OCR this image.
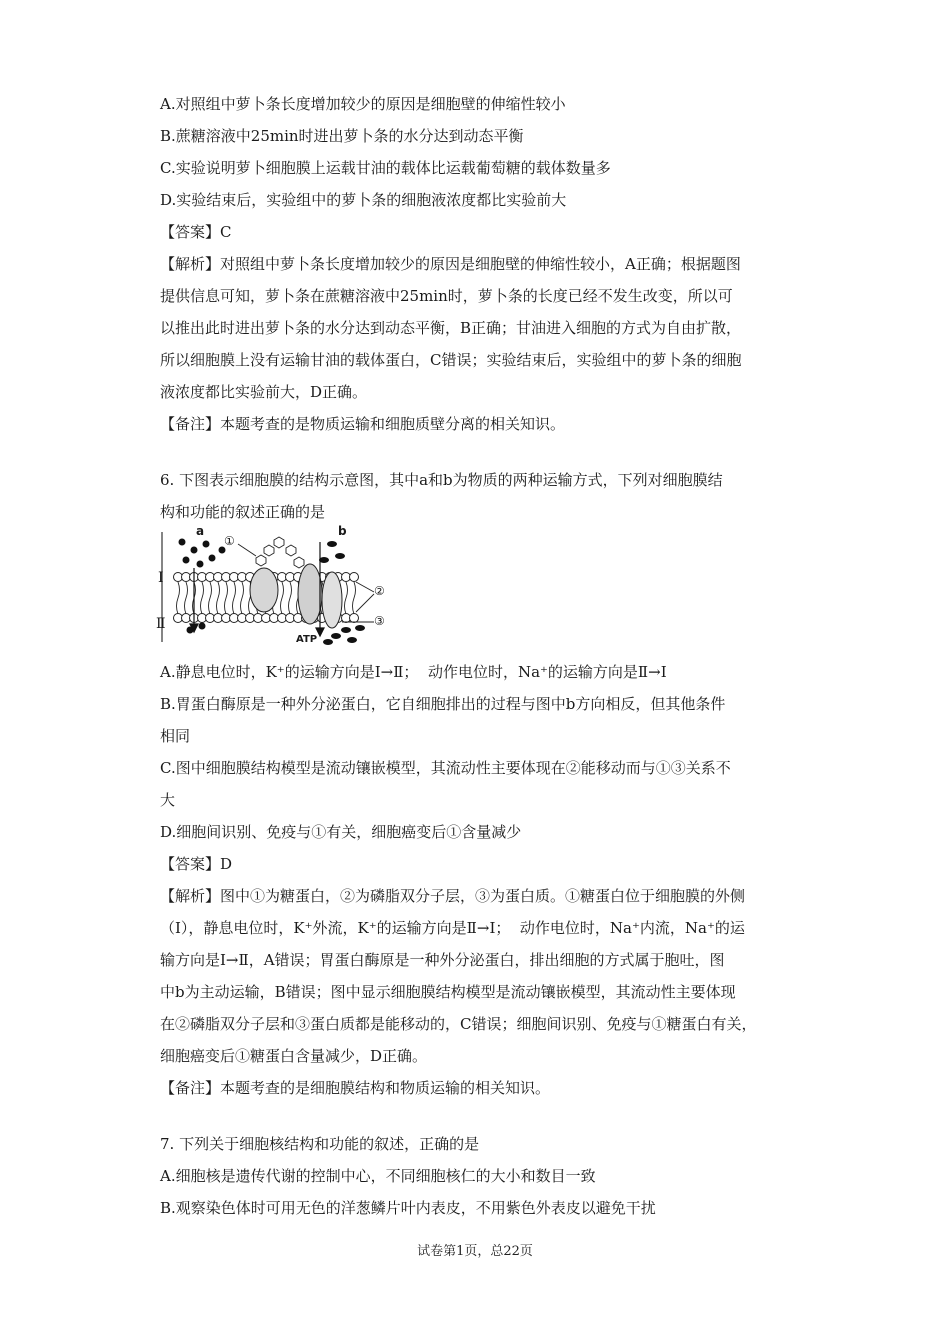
A.对照组中萝卜条长度增加较少的原因是细胞壁的伸缩性较小
B.蔗糖溶液中25min时进出萝卜条的水分达到动态平衡
C.实验说明萝卜细胞膜上运载甘油的载体比运载葡萄糖的载体数量多
D.实验结束后，实验组中的萝卜条的细胞液浓度都比实验前大
【答案】C
【解析】对照组中萝卜条长度增加较少的原因是细胞壁的伸缩性较小，A正确；根据题图
提供信息可知，萝卜条在蔗糖溶液中25min时，萝卜条的长度已经不发生改变，所以可
以推出此时进出萝卜条的水分达到动态平衡，B正确；甘油进入细胞的方式为自由扩散，
所以细胞膜上没有运输甘油的载体蛋白，C错误；实验结束后，实验组中的萝卜条的细胞
液浓度都比实验前大，D正确。
【备注】本题考查的是物质运输和细胞质壁分离的相关知识。
6. 下图表示细胞膜的结构示意图，其中a和b为物质的两种运输方式，下列对细胞膜结
构和功能的叙述正确的是
a	b
①
②
③
Ⅰ
Ⅱ
ATP
A.静息电位时，K⁺的运输方向是Ⅰ→Ⅱ；  动作电位时，Na⁺的运输方向是Ⅱ→Ⅰ
B.胃蛋白酶原是一种外分泌蛋白，它自细胞排出的过程与图中b方向相反，但其他条件
相同
C.图中细胞膜结构模型是流动镶嵌模型，其流动性主要体现在②能移动而与①③关系不
大
D.细胞间识别、免疫与①有关，细胞癌变后①含量减少
【答案】D
【解析】图中①为糖蛋白，②为磷脂双分子层，③为蛋白质。①糖蛋白位于细胞膜的外侧
（Ⅰ），静息电位时，K⁺外流，K⁺的运输方向是Ⅱ→Ⅰ；  动作电位时，Na⁺内流，Na⁺的运
输方向是Ⅰ→Ⅱ，A错误；胃蛋白酶原是一种外分泌蛋白，排出细胞的方式属于胞吐，图
中b为主动运输，B错误；图中显示细胞膜结构模型是流动镶嵌模型，其流动性主要体现
在②磷脂双分子层和③蛋白质都是能移动的，C错误；细胞间识别、免疫与①糖蛋白有关，
细胞癌变后①糖蛋白含量减少，D正确。
【备注】本题考查的是细胞膜结构和物质运输的相关知识。
7. 下列关于细胞核结构和功能的叙述，正确的是
A.细胞核是遗传代谢的控制中心，不同细胞核仁的大小和数目一致
B.观察染色体时可用无色的洋葱鳞片叶内表皮，不用紫色外表皮以避免干扰
试卷第1页，总22页
